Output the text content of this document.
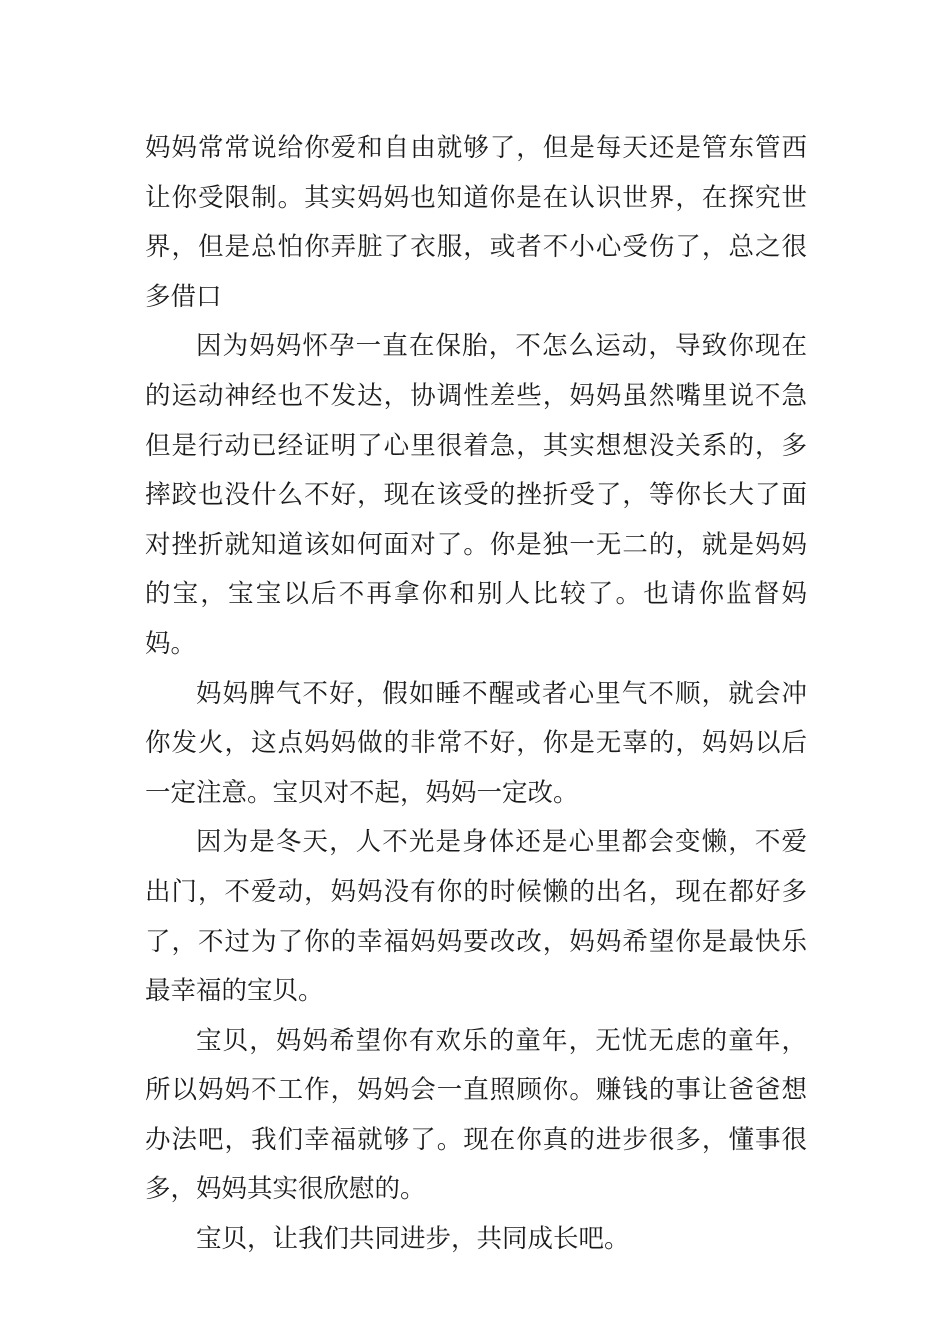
妈妈常常说给你爱和自由就够了，但是每天还是管东管西让你受限制。其实妈妈也知道你是在认识世界，在探究世界，但是总怕你弄脏了衣服，或者不小心受伤了，总之很多借口

因为妈妈怀孕一直在保胎，不怎么运动，导致你现在的运动神经也不发达，协调性差些，妈妈虽然嘴里说不急但是行动已经证明了心里很着急，其实想想没关系的，多摔跤也没什么不好，现在该受的挫折受了，等你长大了面对挫折就知道该如何面对了。你是独一无二的，就是妈妈的宝，宝宝以后不再拿你和别人比较了。也请你监督妈妈。

妈妈脾气不好，假如睡不醒或者心里气不顺，就会冲你发火，这点妈妈做的非常不好，你是无辜的，妈妈以后一定注意。宝贝对不起，妈妈一定改。

因为是冬天，人不光是身体还是心里都会变懒，不爱出门，不爱动，妈妈没有你的时候懒的出名，现在都好多了，不过为了你的幸福妈妈要改改，妈妈希望你是最快乐最幸福的宝贝。

宝贝，妈妈希望你有欢乐的童年，无忧无虑的童年，所以妈妈不工作，妈妈会一直照顾你。赚钱的事让爸爸想办法吧，我们幸福就够了。现在你真的进步很多，懂事很多，妈妈其实很欣慰的。

宝贝，让我们共同进步，共同成长吧。
